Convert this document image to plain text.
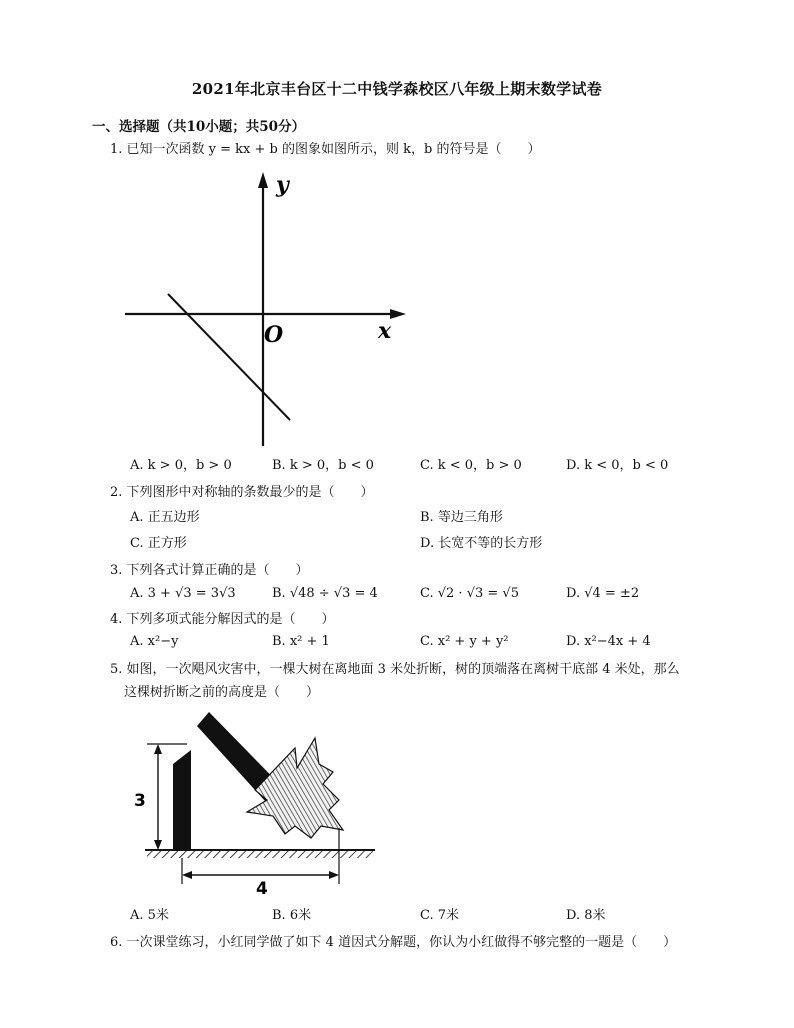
2021年北京丰台区十二中钱学森校区八年级上期末数学试卷
一、选择题（共10小题；共50分）
1. 已知一次函数 y = kx + b 的图象如图所示，则 k，b 的符号是（　　）
y
x
O
A. k > 0，b > 0	B. k > 0，b < 0	C. k < 0，b > 0	D. k < 0，b < 0
2. 下列图形中对称轴的条数最少的是（　　）
A. 正五边形	B. 等边三角形
C. 正方形	D. 长宽不等的长方形
3. 下列各式计算正确的是（　　）
A. 3 + √3 = 3√3	B. √48 ÷ √3 = 4	C. √2 · √3 = √5	D. √4 = ±2
4. 下列多项式能分解因式的是（　　）
A. x²−y	B. x² + 1	C. x² + y + y²	D. x²−4x + 4
5. 如图，一次飓风灾害中，一棵大树在离地面 3 米处折断，树的顶端落在离树干底部 4 米处，那么
这棵树折断之前的高度是（　　）
3
4
A. 5米	B. 6米	C. 7米	D. 8米
6. 一次课堂练习，小红同学做了如下 4 道因式分解题，你认为小红做得不够完整的一题是（　　）
